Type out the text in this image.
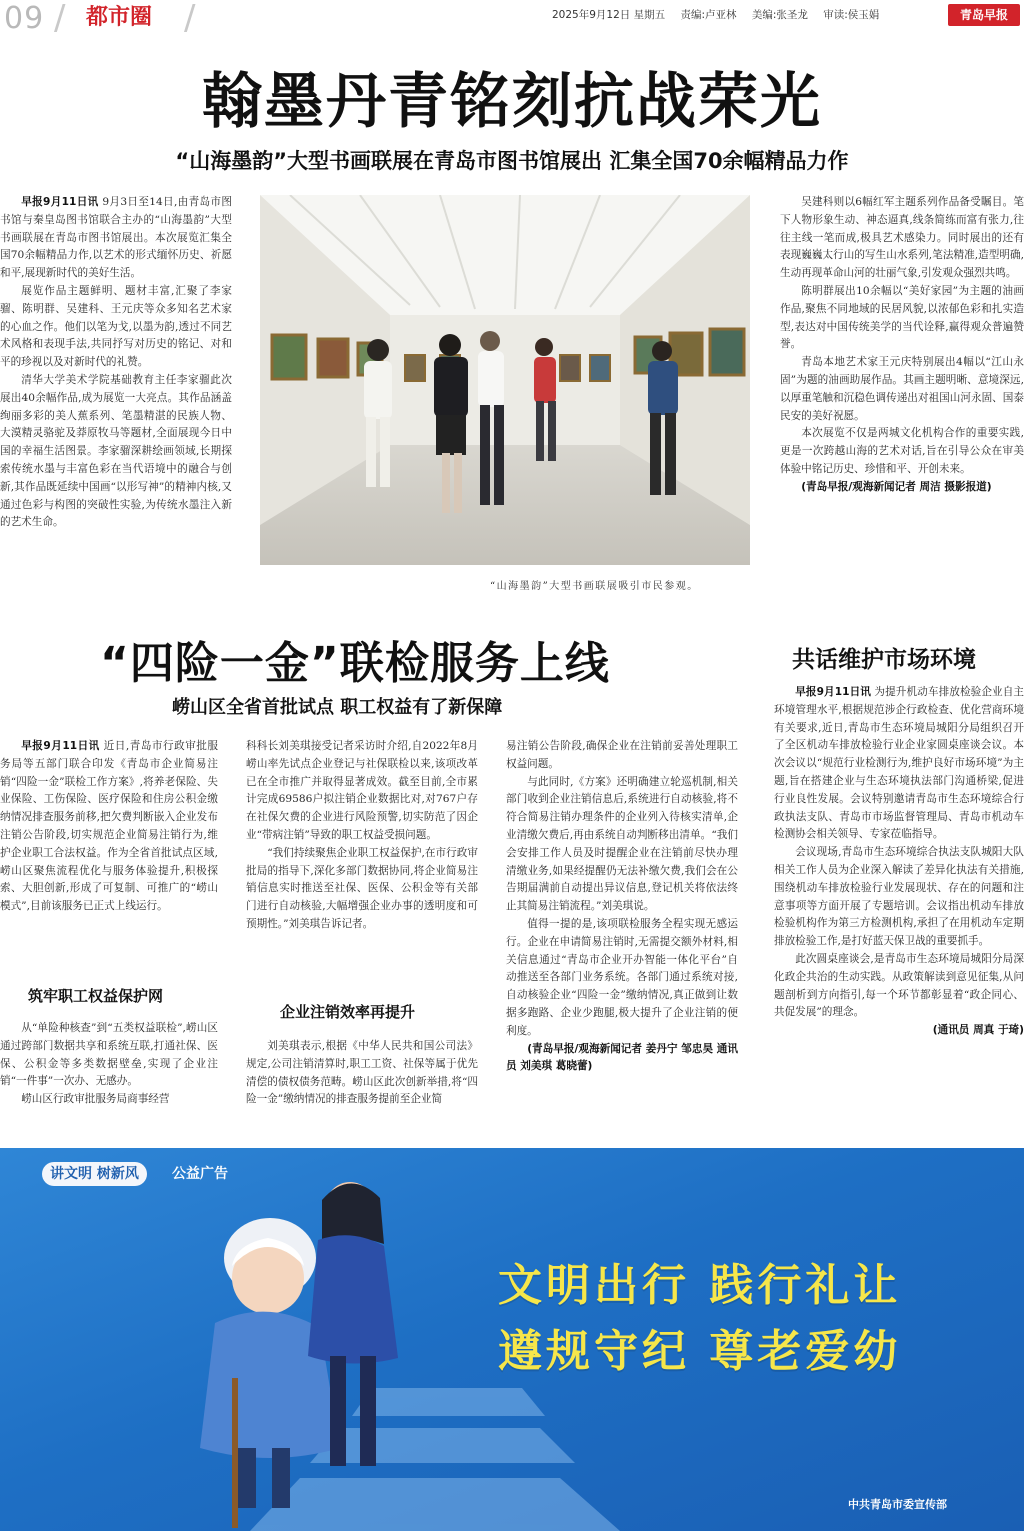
09 / 都市圈 /	2025年9月12日 星期五 责编:卢亚林 美编:张圣龙 审读:侯玉娟	青岛早报
翰墨丹青铭刻抗战荣光
“山海墨韵”大型书画联展在青岛市图书馆展出 汇集全国70余幅精品力作

早报9月11日讯 9月3日至14日,由青岛市图书馆与秦皇岛图书馆联合主办的“山海墨韵”大型书画联展在青岛市图书馆展出。本次展览汇集全国70余幅精品力作,以艺术的形式缅怀历史、祈愿和平,展现新时代的美好生活。

展览作品主题鲜明、题材丰富,汇聚了李家骝、陈明群、吴建科、王元庆等众多知名艺术家的心血之作。他们以笔为戈,以墨为韵,透过不同艺术风格和表现手法,共同抒写对历史的铭记、对和平的珍视以及对新时代的礼赞。

清华大学美术学院基础教育主任李家骝此次展出40余幅作品,成为展览一大亮点。其作品涵盖绚丽多彩的美人蕉系列、笔墨精湛的民族人物、大漠精灵骆驼及莽原牧马等题材,全面展现今日中国的幸福生活图景。李家骝深耕绘画领域,长期探索传统水墨与丰富色彩在当代语境中的融合与创新,其作品既延续中国画“以形写神”的精神内核,又通过色彩与构图的突破性实验,为传统水墨注入新的艺术生命。

吴建科则以6幅红军主题系列作品备受瞩目。笔下人物形象生动、神态逼真,线条简练而富有张力,往往主线一笔而成,极具艺术感染力。同时展出的还有表现巍巍太行山的写生山水系列,笔法精准,造型明确,生动再现革命山河的壮丽气象,引发观众强烈共鸣。

陈明群展出10余幅以“美好家园”为主题的油画作品,聚焦不同地域的民居风貌,以浓郁色彩和扎实造型,表达对中国传统美学的当代诠释,赢得观众普遍赞誉。

青岛本地艺术家王元庆特别展出4幅以“江山永固”为题的油画助展作品。其画主题明晰、意境深远,以厚重笔触和沉稳色调传递出对祖国山河永固、国泰民安的美好祝愿。

本次展览不仅是两城文化机构合作的重要实践,更是一次跨越山海的艺术对话,旨在引导公众在审美体验中铭记历史、珍惜和平、开创未来。

(青岛早报/观海新闻记者 周洁 摄影报道)

“山海墨韵”大型书画联展吸引市民参观。
“四险一金”联检服务上线
崂山区全省首批试点 职工权益有了新保障

早报9月11日讯 近日,青岛市行政审批服务局等五部门联合印发《青岛市企业简易注销“四险一金”联检工作方案》,将养老保险、失业保险、工伤保险、医疗保险和住房公积金缴纳情况排查服务前移,把欠费判断嵌入企业发布注销公告阶段,切实规范企业简易注销行为,维护企业职工合法权益。作为全省首批试点区域,崂山区聚焦流程优化与服务体验提升,积极探索、大胆创新,形成了可复制、可推广的“崂山模式”,目前该服务已正式上线运行。

筑牢职工权益保护网

从“单险种核查”到“五类权益联检”,崂山区通过跨部门数据共享和系统互联,打通社保、医保、公积金等多类数据壁垒,实现了企业注销“一件事”一次办、无感办。

崂山区行政审批服务局商事经营

科科长刘美琪接受记者采访时介绍,自2022年8月崂山率先试点企业登记与社保联检以来,该项改革已在全市推广并取得显著成效。截至目前,全市累计完成69586户拟注销企业数据比对,对767户存在社保欠费的企业进行风险预警,切实防范了因企业“带病注销”导致的职工权益受损问题。

“我们持续聚焦企业职工权益保护,在市行政审批局的指导下,深化多部门数据协同,将企业简易注销信息实时推送至社保、医保、公积金等有关部门进行自动核验,大幅增强企业办事的透明度和可预期性。”刘美琪告诉记者。

企业注销效率再提升

刘美琪表示,根据《中华人民共和国公司法》规定,公司注销清算时,职工工资、社保等属于优先清偿的债权债务范畴。崂山区此次创新举措,将“四险一金”缴纳情况的排查服务提前至企业简

易注销公告阶段,确保企业在注销前妥善处理职工权益问题。

与此同时,《方案》还明确建立轮巡机制,相关部门收到企业注销信息后,系统进行自动核验,将不符合简易注销办理条件的企业列入待核实清单,企业清缴欠费后,再由系统自动判断移出清单。“我们会安排工作人员及时提醒企业在注销前尽快办理清缴业务,如果经提醒仍无法补缴欠费,我们会在公告期届满前自动提出异议信息,登记机关将依法终止其简易注销流程。”刘美琪说。

值得一提的是,该项联检服务全程实现无感运行。企业在申请简易注销时,无需提交额外材料,相关信息通过“青岛市企业开办智能一体化平台”自动推送至各部门业务系统。各部门通过系统对接,自动核验企业“四险一金”缴纳情况,真正做到让数据多跑路、企业少跑腿,极大提升了企业注销的便利度。

(青岛早报/观海新闻记者 姜丹宁 邹忠昊 通讯员 刘美琪 葛晓蕾)

共话维护市场环境

早报9月11日讯 为提升机动车排放检验企业自主环境管理水平,根据规范涉企行政检查、优化营商环境有关要求,近日,青岛市生态环境局城阳分局组织召开了全区机动车排放检验行业企业家圆桌座谈会议。本次会议以“规范行业检测行为,维护良好市场环境”为主题,旨在搭建企业与生态环境执法部门沟通桥梁,促进行业良性发展。会议特别邀请青岛市生态环境综合行政执法支队、青岛市市场监督管理局、青岛市机动车检测协会相关领导、专家莅临指导。

会议现场,青岛市生态环境综合执法支队城阳大队相关工作人员为企业深入解读了差异化执法有关措施,围绕机动车排放检验行业发展现状、存在的问题和注意事项等方面开展了专题培训。会议指出机动车排放检验机构作为第三方检测机构,承担了在用机动车定期排放检验工作,是打好蓝天保卫战的重要抓手。

此次圆桌座谈会,是青岛市生态环境局城阳分局深化政企共治的生动实践。从政策解读到意见征集,从问题剖析到方向指引,每一个环节都彰显着“政企同心、共促发展”的理念。

(通讯员 周真 于琦)

讲文明 树新风	公益广告
文明出行 践行礼让
遵规守纪 尊老爱幼
中共青岛市委宣传部
